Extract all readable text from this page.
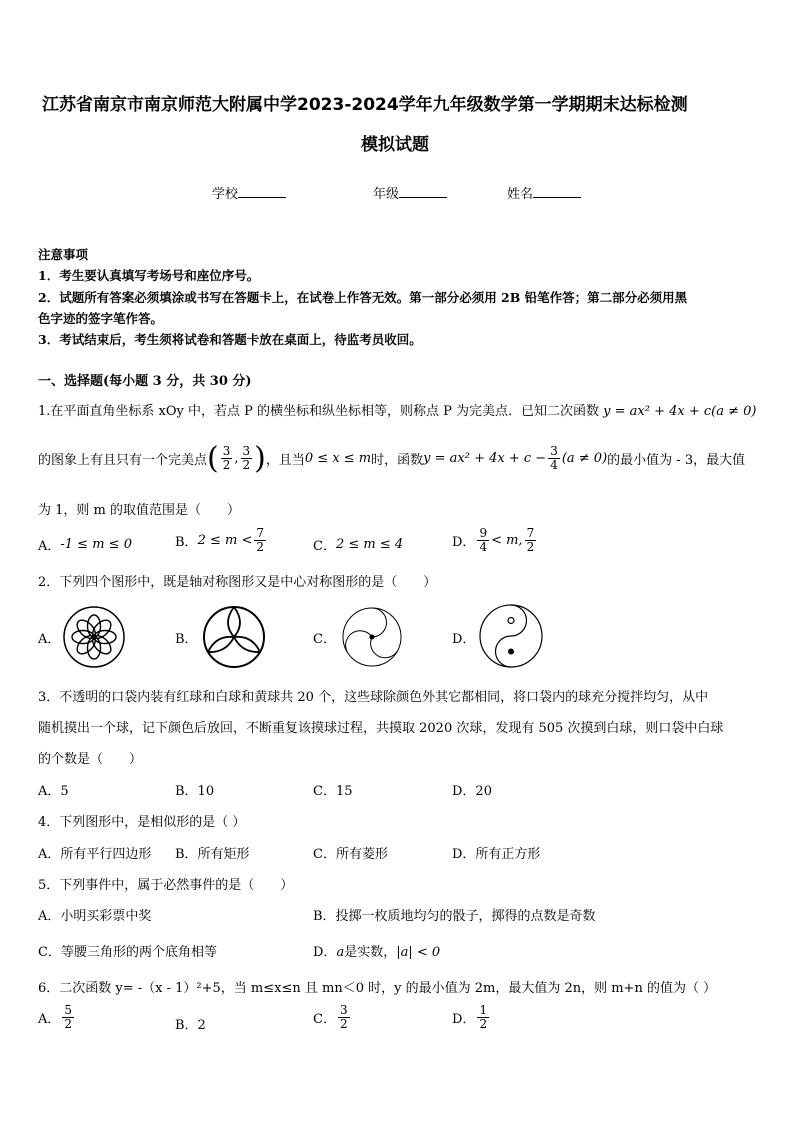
江苏省南京市南京师范大附属中学2023-2024学年九年级数学第一学期期末达标检测
模拟试题
学校	年级	姓名
注意事项
1．考生要认真填写考场号和座位序号。
2．试题所有答案必须填涂或书写在答题卡上，在试卷上作答无效。第一部分必须用 2B 铅笔作答；第二部分必须用黑
色字迹的签字笔作答。
3．考试结束后，考生须将试卷和答题卡放在桌面上，待监考员收回。
一、选择题(每小题 3 分，共 30 分)
1.在平面直角坐标系 xOy 中，若点 P 的横坐标和纵坐标相等，则称点 P 为完美点．已知二次函数 y = ax² + 4x + c(a ≠ 0)
的图象上有且只有一个完美点 ( $\frac{3}{2}$ , $\frac{3}{2}$ ) ，且当 0 ≤ x ≤ m 时，函数 $y = ax^2 + 4x + c - \frac{3}{4} (a \ne 0)$ 的最小值为 - 3，最大值
为 1，则 m 的取值范围是（　　）
A． -1 ≤ m ≤ 0	B． $2 \le m < \frac{7}{2}$	C． 2 ≤ m ≤ 4	D． $\frac{9}{4} < m$, $\frac{7}{2}$
2．下列四个图形中，既是轴对称图形又是中心对称图形的是（　　）
A．	B．	C．	D．
3．不透明的口袋内装有红球和白球和黄球共 20 个，这些球除颜色外其它都相同，将口袋内的球充分搅拌均匀，从中
随机摸出一个球，记下颜色后放回，不断重复该摸球过程，共摸取 2020 次球，发现有 505 次摸到白球，则口袋中白球
的个数是（　　）
A．5	B．10	C．15	D．20
4．下列图形中，是相似形的是（ ）
A．所有平行四边形 B．所有矩形	C．所有菱形	D．所有正方形
5．下列事件中，属于必然事件的是（　　）
A．小明买彩票中奖	B．投掷一枚质地均匀的骰子，掷得的点数是奇数
C．等腰三角形的两个底角相等	D．a是实数，|a| < 0
6．二次函数 y= -（x - 1）²+5，当 m≤x≤n 且 mn＜0 时，y 的最小值为 2m，最大值为 2n，则 m+n 的值为（ ）
A． $\frac{5}{2}$	B．2	C． $\frac{3}{2}$	D． $\frac{1}{2}$
